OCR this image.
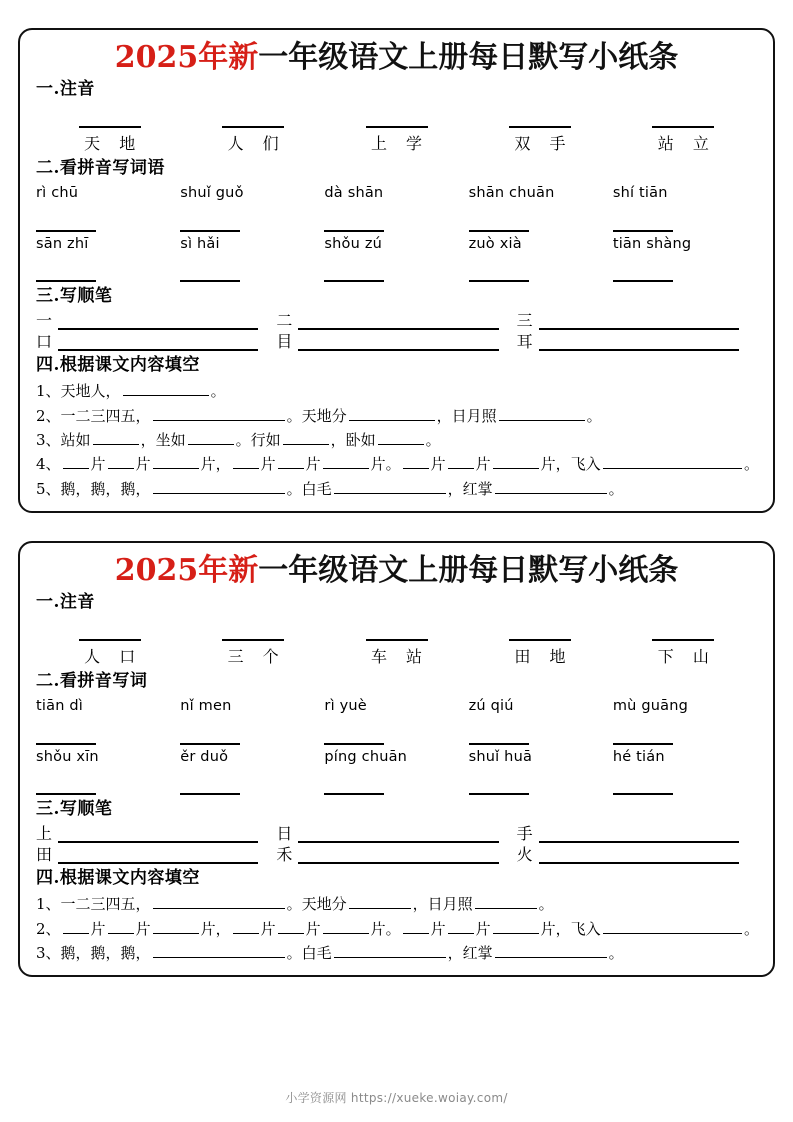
2025年新一年级语文上册每日默写小纸条
一.注音
天 地	人 们	上 学	双 手	站 立
二.看拼音写词语
rì chū	shuǐ guǒ	dà shān	shān chuān	shí tiān
sān zhī	sì hǎi	shǒu zú	zuò xià	tiān shàng
三.写顺笔
一	二	三
口	目	耳
四.根据课文内容填空
1、 天地人，	。
2、 一二三四五，	。天地分	，日月照	。
3、 站如	，坐如	。行如	，卧如	。
4、 片 片	片， 片 片	片。 片 片	片，飞入	。
5、 鹅，鹅，鹅，	。白毛	，红掌	。
2025年新一年级语文上册每日默写小纸条
一.注音
人 口	三 个	车 站	田 地	下 山
二.看拼音写词
tiān dì	nǐ men	rì yuè	zú qiú	mù guāng
shǒu xīn	ěr duǒ	píng chuān	shuǐ huā	hé tián
三.写顺笔
上	日	手
田	禾	火
四.根据课文内容填空
1、 一二三四五，	。天地分	，日月照	。
2、 片 片	片， 片 片	片。 片 片	片，飞入	。
3、 鹅，鹅，鹅，	。白毛	，红掌	。
小学资源网 https://xueke.woiay.com/
